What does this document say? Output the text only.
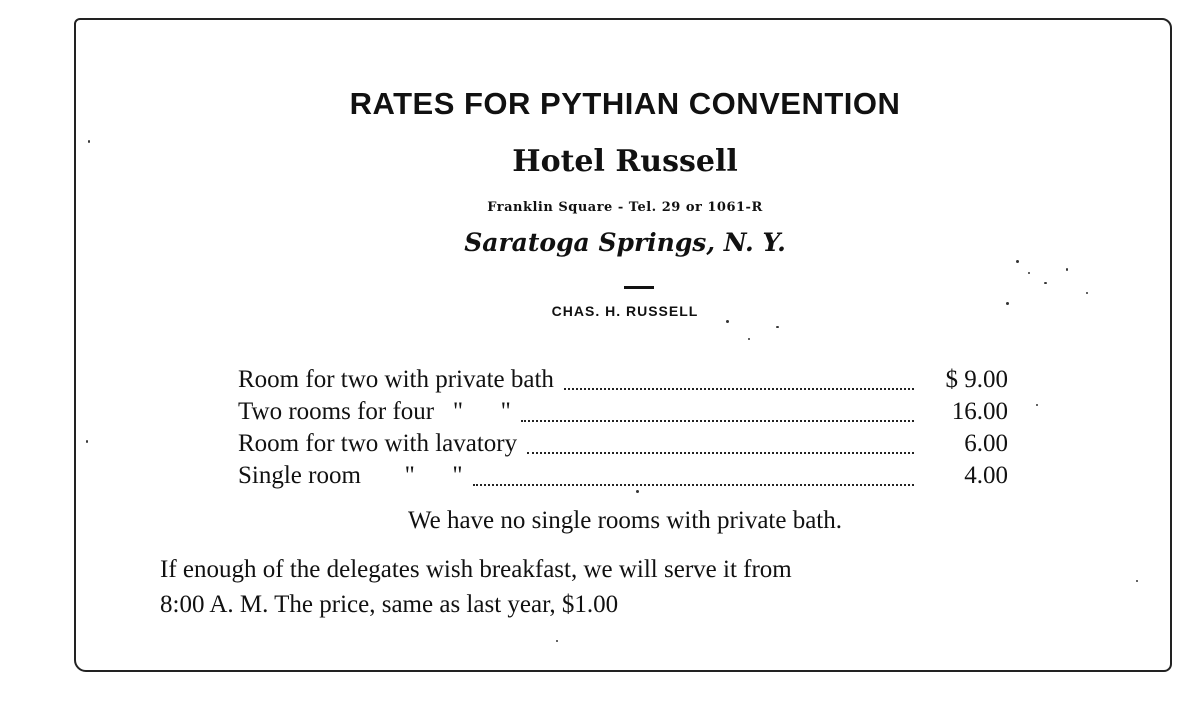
RATES FOR PYTHIAN CONVENTION
Hotel Russell
Franklin Square - Tel. 29 or 1061-R
Saratoga Springs, N. Y.
CHAS. H. RUSSELL
Room for two with private bath	$ 9.00
Two rooms for four   "      "	16.00
Room for two with lavatory	6.00
Single room       "      "	4.00
We have no single rooms with private bath.
If enough of the delegates wish breakfast, we will serve it from
8:00 A. M. The price, same as last year, $1.00
